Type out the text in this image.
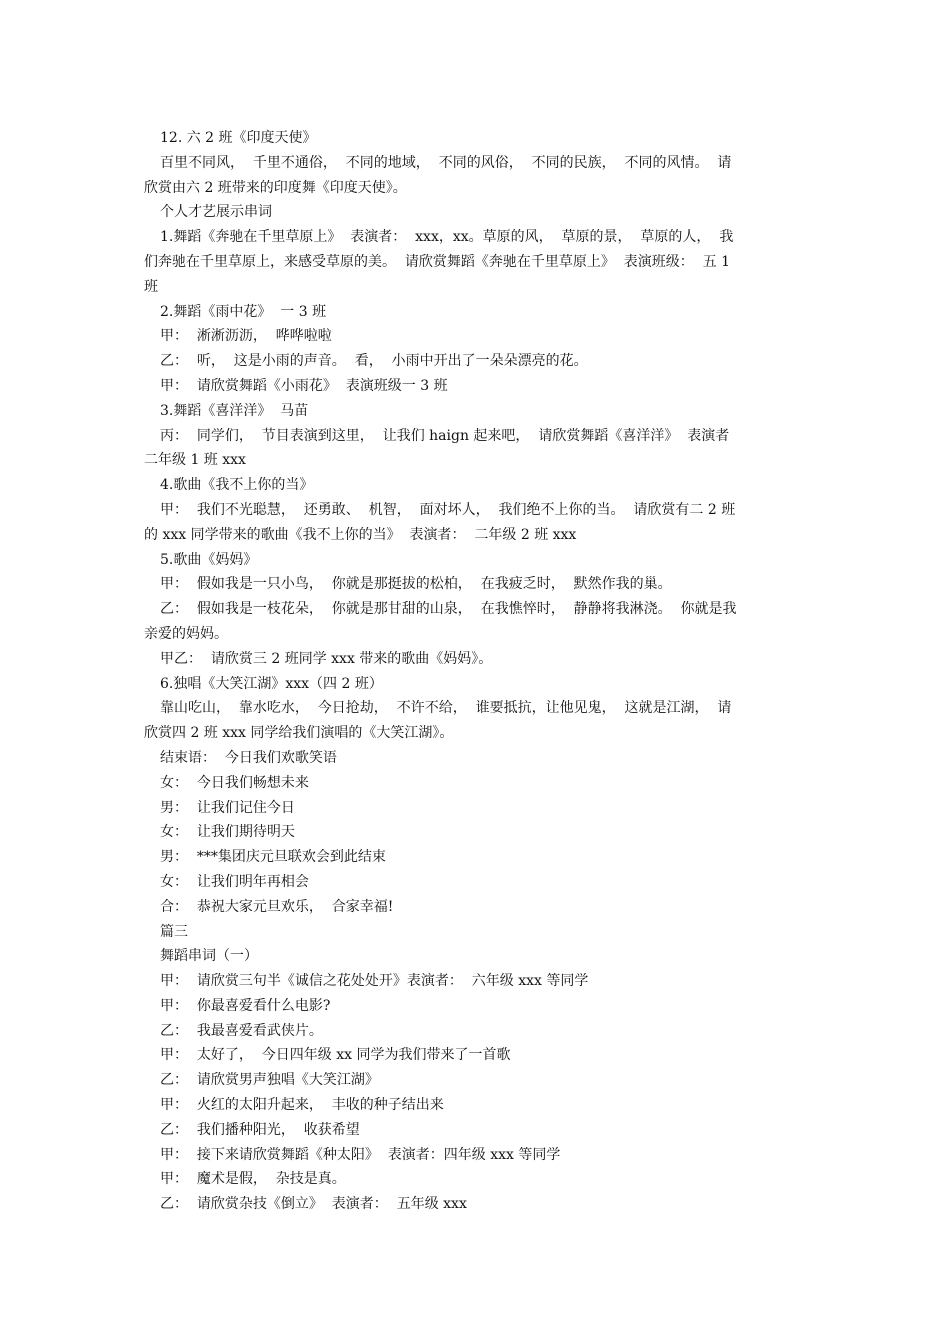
12. 六 2 班《印度天使》
百里不同风，  千里不通俗，  不同的地域，  不同的风俗，  不同的民族，  不同的风情。  请
欣赏由六 2 班带来的印度舞《印度天使》。
个人才艺展示串词
1.舞蹈《奔驰在千里草原上》  表演者：  xxx，xx。草原的风，  草原的景，  草原的人，  我
们奔驰在千里草原上，来感受草原的美。  请欣赏舞蹈《奔驰在千里草原上》  表演班级：  五 1
班
2.舞蹈《雨中花》  一 3 班
甲：  淅淅沥沥，  哗哗啦啦
乙：  听，  这是小雨的声音。  看，  小雨中开出了一朵朵漂亮的花。
甲：  请欣赏舞蹈《小雨花》  表演班级一 3 班
3.舞蹈《喜洋洋》  马苗
丙：  同学们，  节目表演到这里，  让我们 haign 起来吧，  请欣赏舞蹈《喜洋洋》  表演者
二年级 1 班 xxx
4.歌曲《我不上你的当》
甲：  我们不光聪慧，  还勇敢、  机智，  面对坏人，  我们绝不上你的当。  请欣赏有二 2 班
的 xxx 同学带来的歌曲《我不上你的当》  表演者：  二年级 2 班 xxx
5.歌曲《妈妈》
甲：  假如我是一只小鸟，  你就是那挺拔的松柏，  在我疲乏时，  默然作我的巢。
乙：  假如我是一枝花朵，  你就是那甘甜的山泉，  在我憔悴时，  静静将我淋浇。  你就是我
亲爱的妈妈。
甲乙：  请欣赏三 2 班同学 xxx 带来的歌曲《妈妈》。
6.独唱《大笑江湖》xxx（四 2 班）
靠山吃山，  靠水吃水，  今日抢劫，  不许不给，  谁要抵抗，让他见鬼，  这就是江湖，  请
欣赏四 2 班 xxx 同学给我们演唱的《大笑江湖》。
结束语：  今日我们欢歌笑语
女：  今日我们畅想未来
男：  让我们记住今日
女：  让我们期待明天
男：  ***集团庆元旦联欢会到此结束
女：  让我们明年再相会
合：  恭祝大家元旦欢乐，  合家幸福!
篇三
舞蹈串词（一）
甲：  请欣赏三句半《诚信之花处处开》表演者：  六年级 xxx 等同学
甲：  你最喜爱看什么电影?
乙：  我最喜爱看武侠片。
甲：  太好了，  今日四年级 xx 同学为我们带来了一首歌
乙：  请欣赏男声独唱《大笑江湖》
甲：  火红的太阳升起来，  丰收的种子结出来
乙：  我们播种阳光，  收获希望
甲：  接下来请欣赏舞蹈《种太阳》  表演者：四年级 xxx 等同学
甲：  魔术是假，  杂技是真。
乙：  请欣赏杂技《倒立》  表演者：  五年级 xxx
